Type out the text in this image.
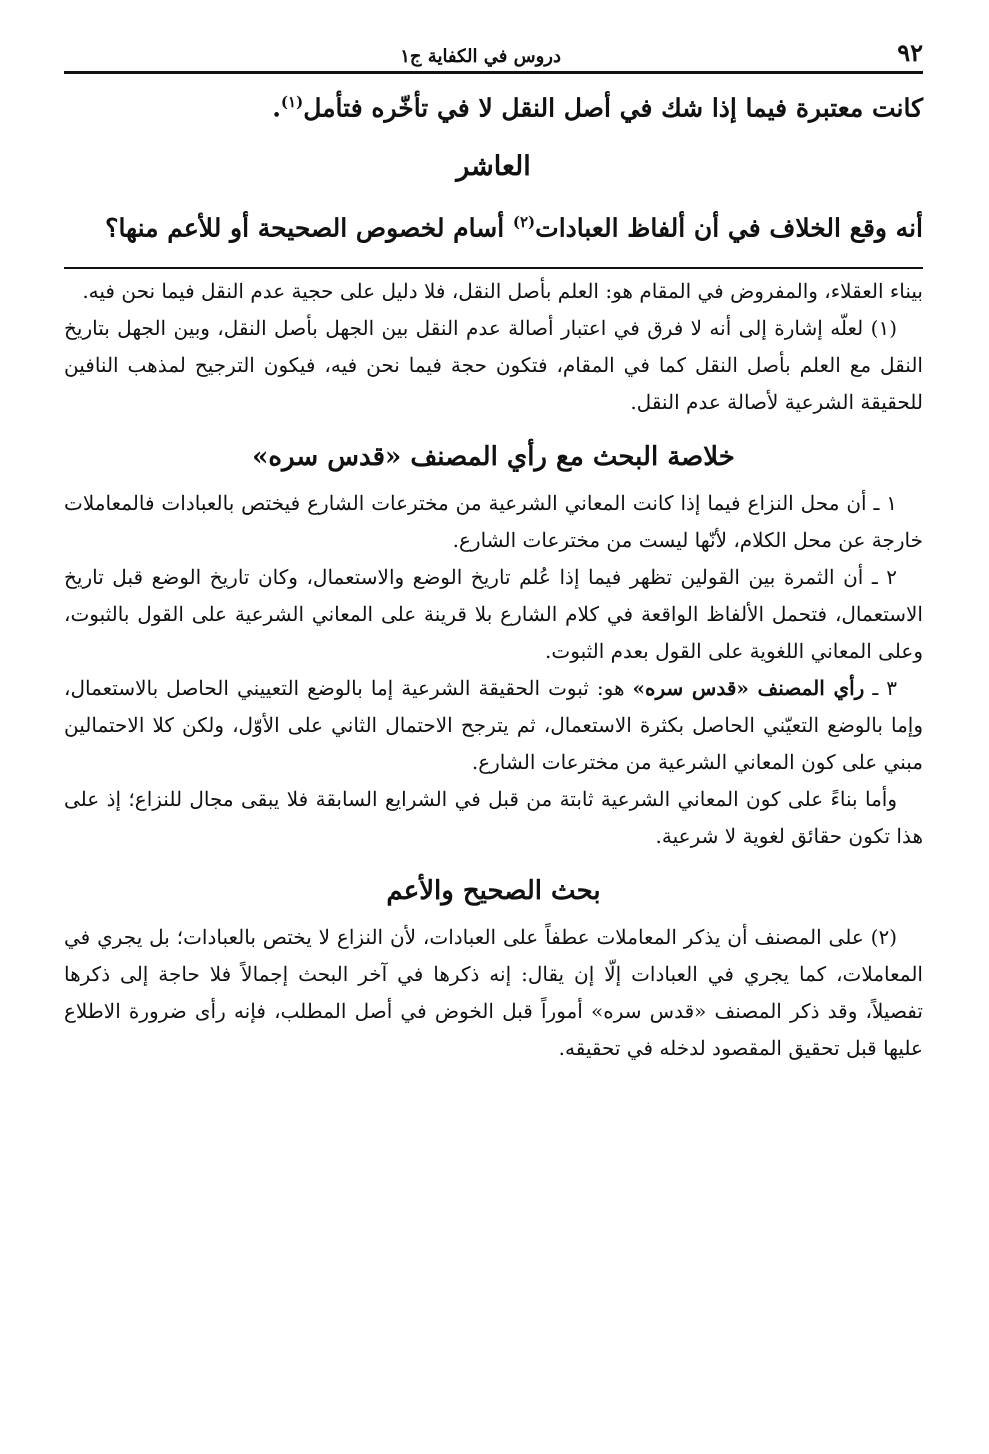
٩٢
دروس في الكفاية ج١

كانت معتبرة فيما إذا شك في أصل النقل لا في تأخّره فتأمل$^{(١)}$.

العاشر

أنه وقع الخلاف في أن ألفاظ العبادات$^{(٢)}$ أسام لخصوص الصحيحة أو للأعم منها؟

بيناء العقلاء، والمفروض في المقام هو: العلم بأصل النقل، فلا دليل على حجية عدم النقل فيما نحن فيه.

(١) لعلّه إشارة إلى أنه لا فرق في اعتبار أصالة عدم النقل بين الجهل بأصل النقل، وبين الجهل بتاريخ النقل مع العلم بأصل النقل كما في المقام، فتكون حجة فيما نحن فيه، فيكون الترجيح لمذهب النافين للحقيقة الشرعية لأصالة عدم النقل.

خلاصة البحث مع رأي المصنف «قدس سره»

١ ـ أن محل النزاع فيما إذا كانت المعاني الشرعية من مخترعات الشارع فيختص بالعبادات فالمعاملات خارجة عن محل الكلام، لأنّها ليست من مخترعات الشارع.

٢ ـ أن الثمرة بين القولين تظهر فيما إذا عُلم تاريخ الوضع والاستعمال، وكان تاريخ الوضع قبل تاريخ الاستعمال، فتحمل الألفاظ الواقعة في كلام الشارع بلا قرينة على المعاني الشرعية على القول بالثبوت، وعلى المعاني اللغوية على القول بعدم الثبوت.

٣ ـ رأي المصنف «قدس سره» هو: ثبوت الحقيقة الشرعية إما بالوضع التعييني الحاصل بالاستعمال، وإما بالوضع التعيّني الحاصل بكثرة الاستعمال، ثم يترجح الاحتمال الثاني على الأوّل، ولكن كلا الاحتمالين مبني على كون المعاني الشرعية من مخترعات الشارع.

وأما بناءً على كون المعاني الشرعية ثابتة من قبل في الشرايع السابقة فلا يبقى مجال للنزاع؛ إذ على هذا تكون حقائق لغوية لا شرعية.

بحث الصحيح والأعم

(٢) على المصنف أن يذكر المعاملات عطفاً على العبادات، لأن النزاع لا يختص بالعبادات؛ بل يجري في المعاملات، كما يجري في العبادات إلّا إن يقال: إنه ذكرها في آخر البحث إجمالاً فلا حاجة إلى ذكرها تفصيلاً، وقد ذكر المصنف «قدس سره» أموراً قبل الخوض في أصل المطلب، فإنه رأى ضرورة الاطلاع عليها قبل تحقيق المقصود لدخله في تحقيقه.
